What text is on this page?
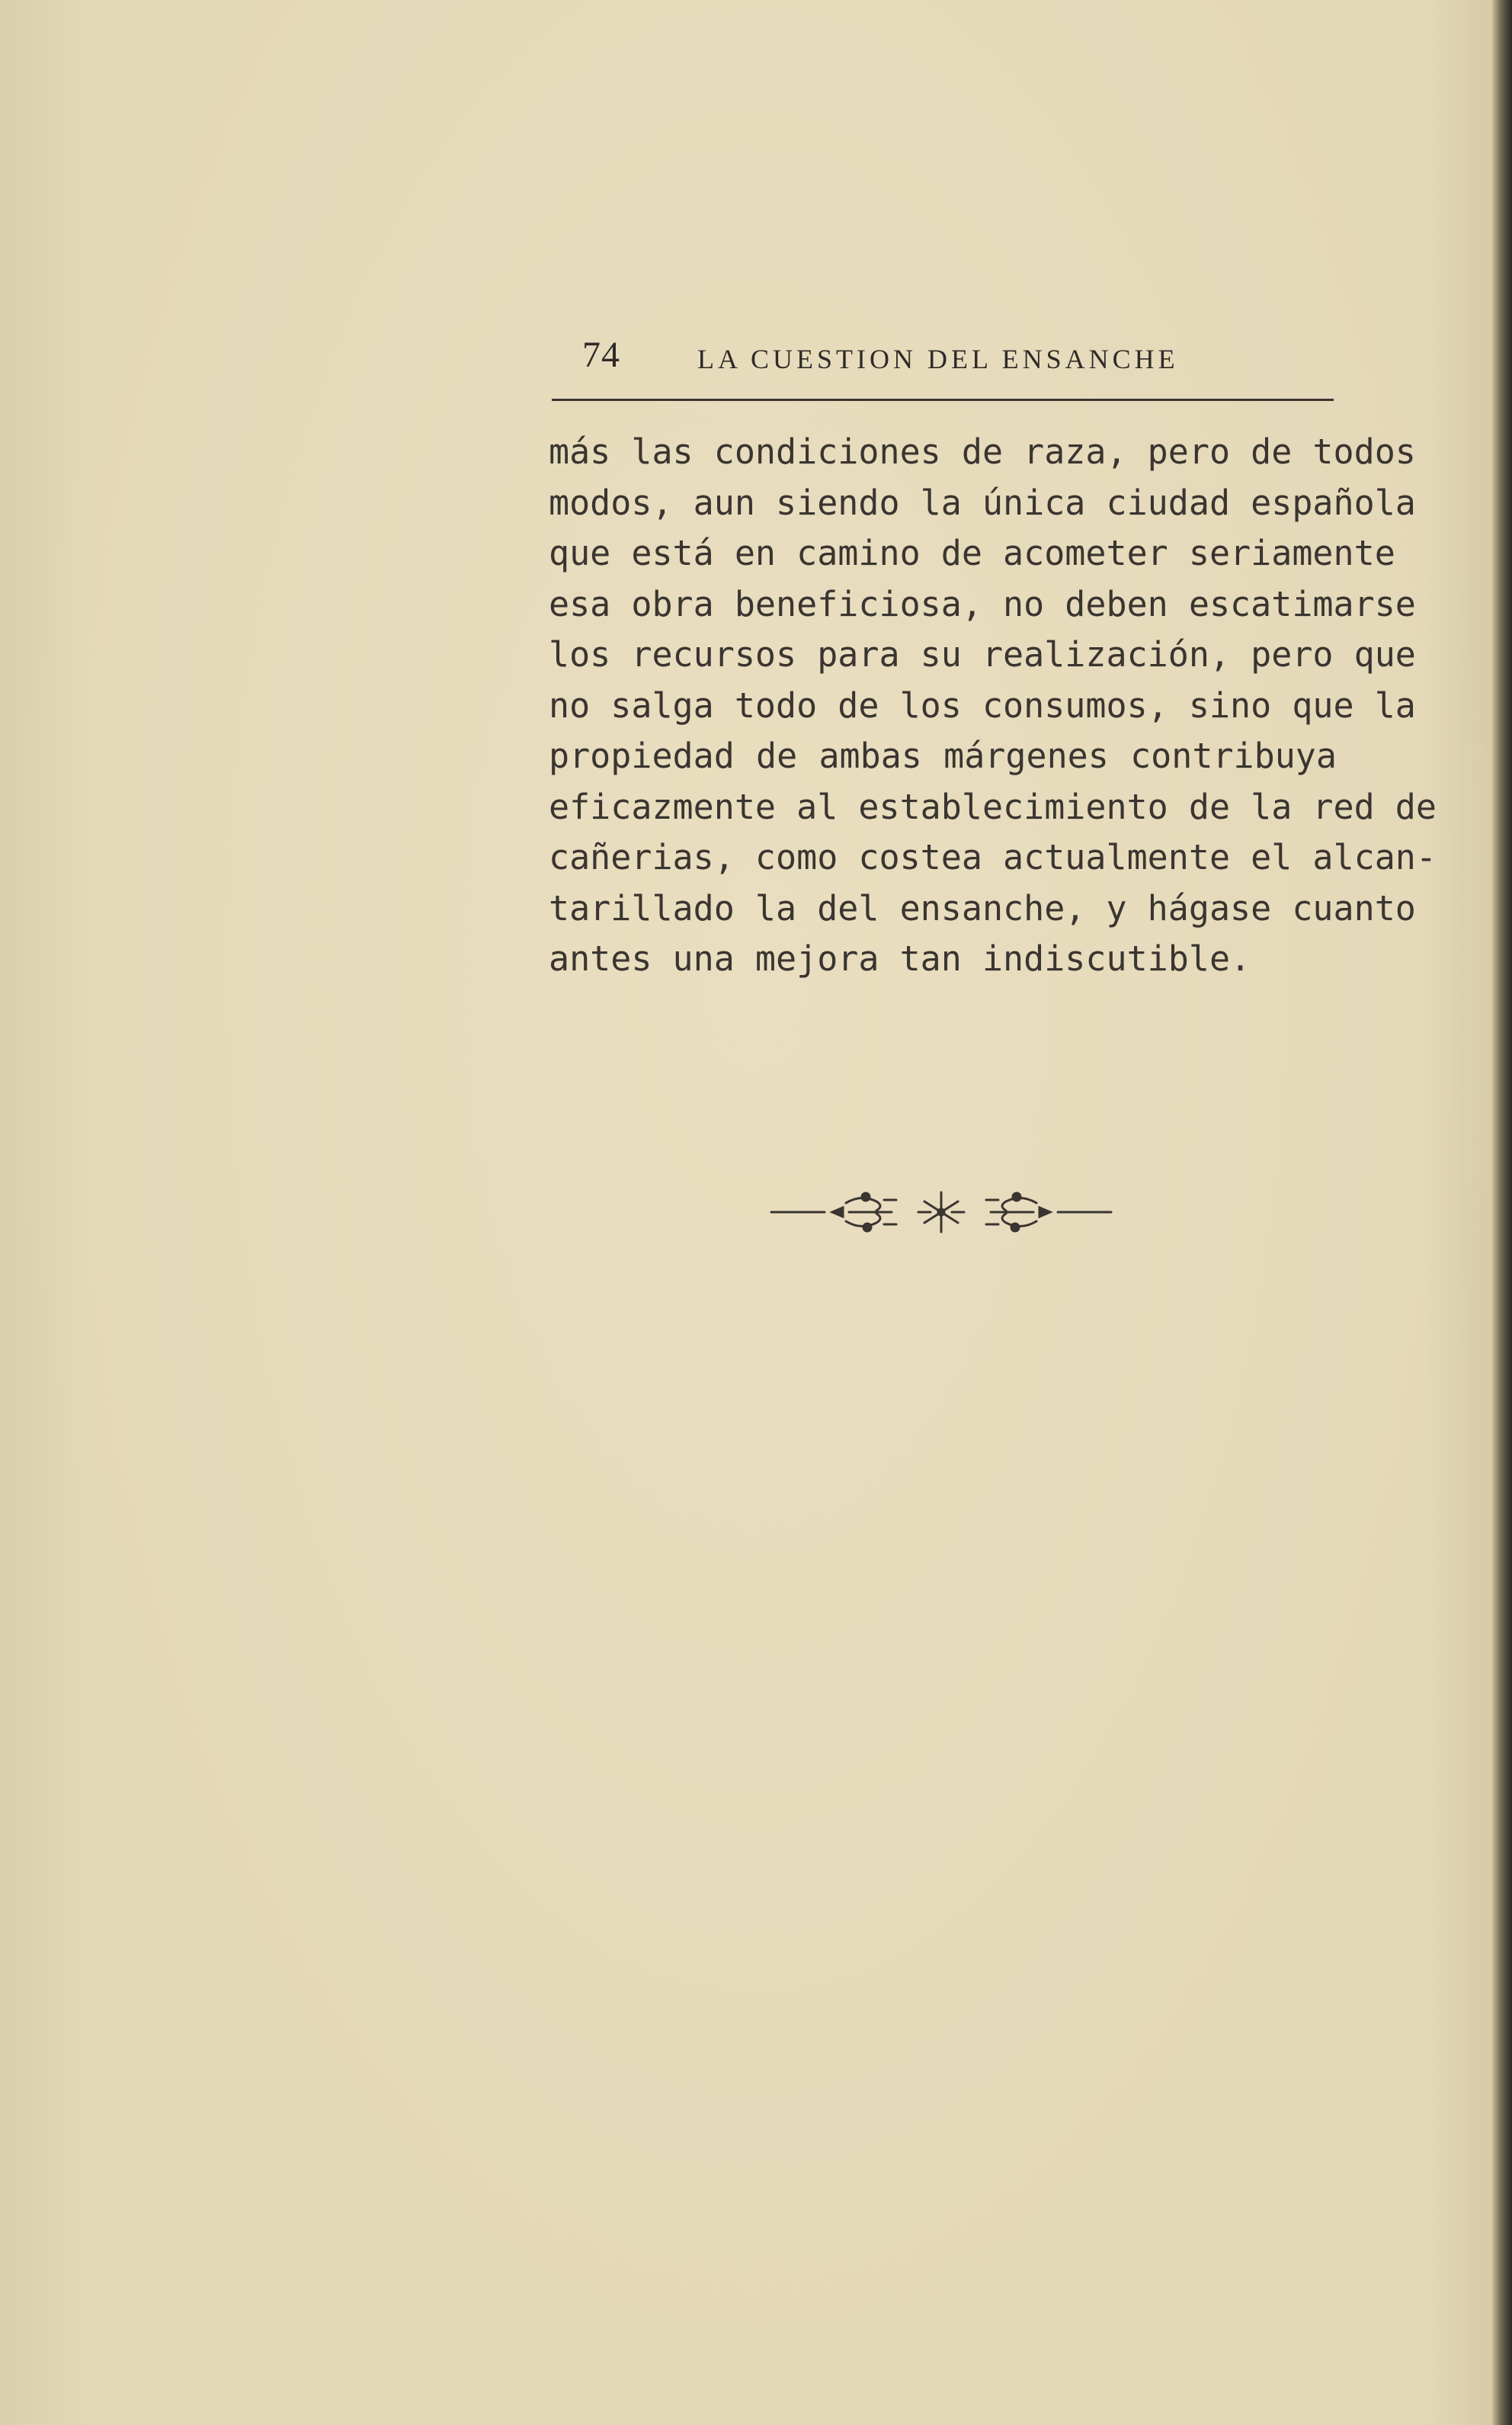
74	LA CUESTION DEL ENSANCHE
más las condiciones de raza, pero de todos
modos, aun siendo la única ciudad española
que está en camino de acometer seriamente
esa obra beneficiosa, no deben escatimarse
los recursos para su realización, pero que
no salga todo de los consumos, sino que la
propiedad de ambas márgenes contribuya
eficazmente al establecimiento de la red de
cañerias, como costea actualmente el alcan-
tarillado la del ensanche, y hágase cuanto
antes una mejora tan indiscutible.
